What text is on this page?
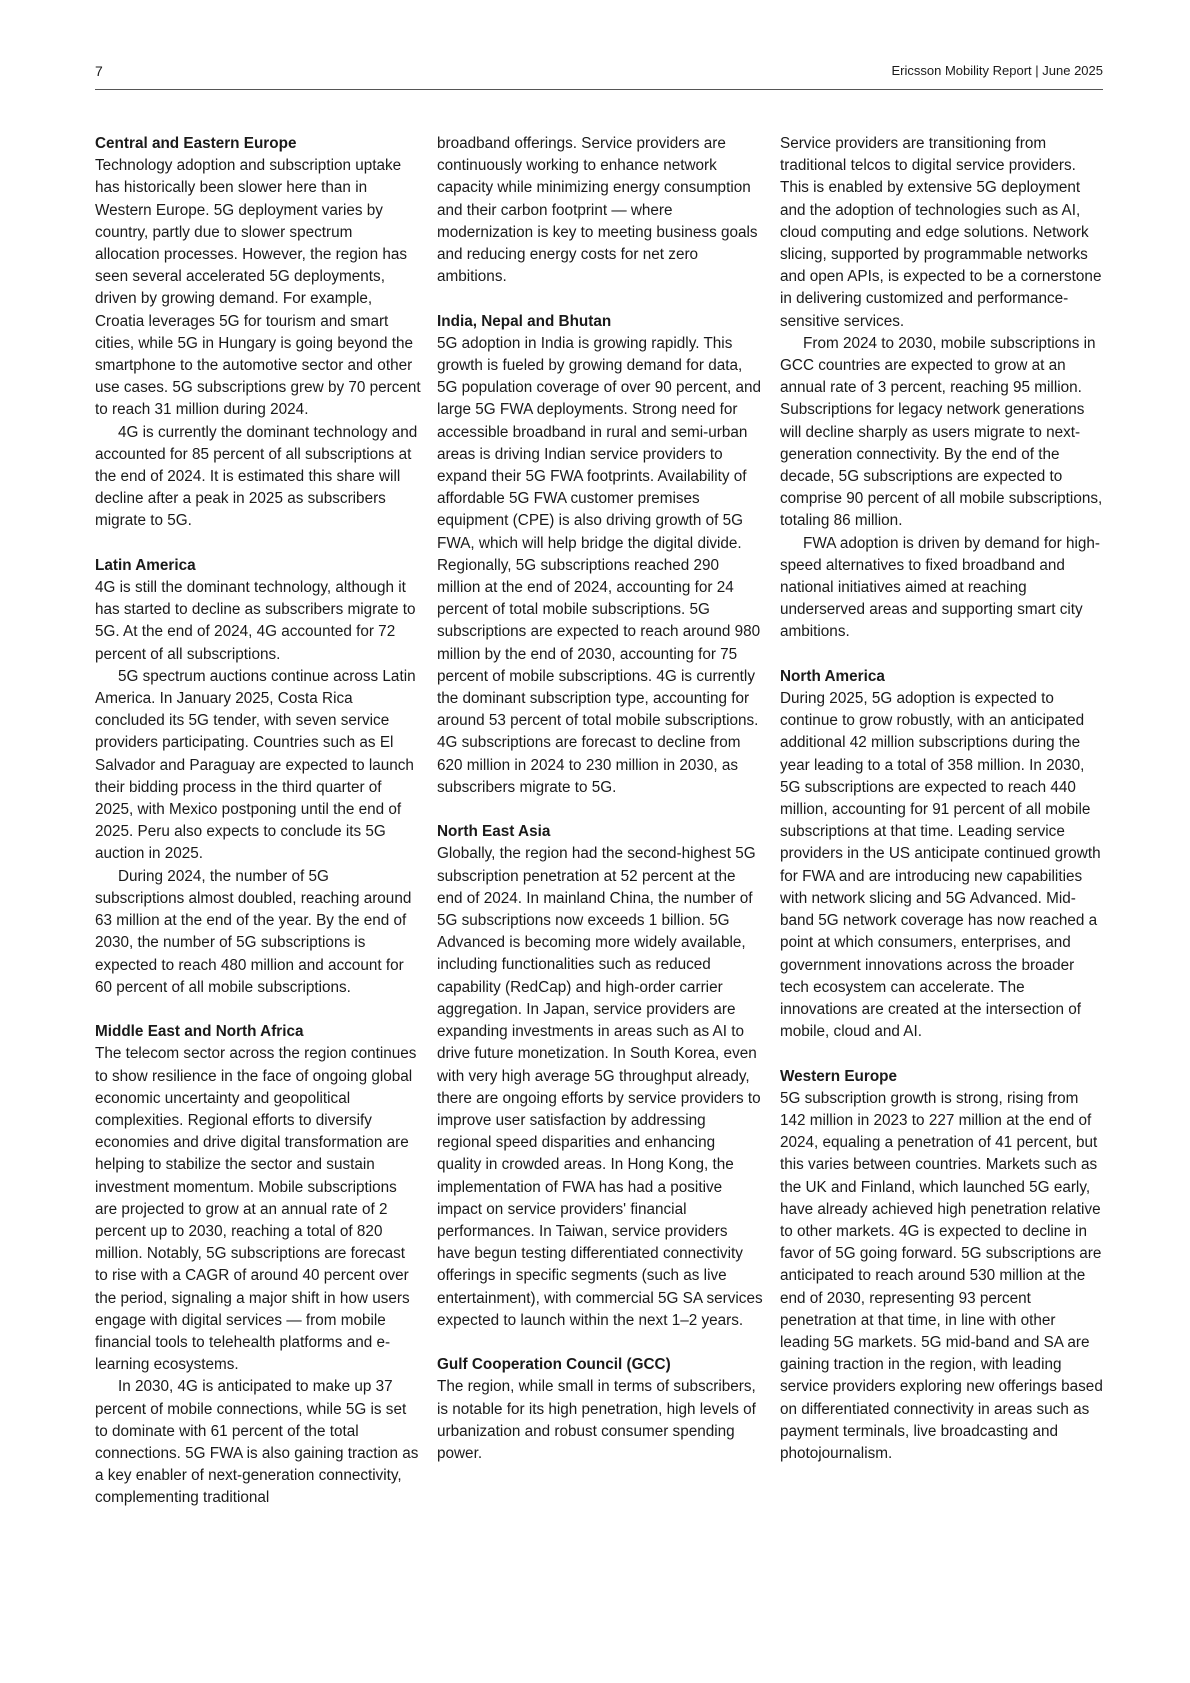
7	Ericsson Mobility Report | June 2025

Central and Eastern Europe

Technology adoption and subscription uptake has historically been slower here than in Western Europe. 5G deployment varies by country, partly due to slower spectrum allocation processes. However, the region has seen several accelerated 5G deployments, driven by growing demand. For example, Croatia leverages 5G for tourism and smart cities, while 5G in Hungary is going beyond the smartphone to the automotive sector and other use cases. 5G subscriptions grew by 70 percent to reach 31 million during 2024.

4G is currently the dominant technology and accounted for 85 percent of all subscriptions at the end of 2024. It is estimated this share will decline after a peak in 2025 as subscribers migrate to 5G.

Latin America

4G is still the dominant technology, although it has started to decline as subscribers migrate to 5G. At the end of 2024, 4G accounted for 72 percent of all subscriptions.

5G spectrum auctions continue across Latin America. In January 2025, Costa Rica concluded its 5G tender, with seven service providers participating. Countries such as El Salvador and Paraguay are expected to launch their bidding process in the third quarter of 2025, with Mexico postponing until the end of 2025. Peru also expects to conclude its 5G auction in 2025.

During 2024, the number of 5G subscriptions almost doubled, reaching around 63 million at the end of the year. By the end of 2030, the number of 5G subscriptions is expected to reach 480 million and account for 60 percent of all mobile subscriptions.

Middle East and North Africa

The telecom sector across the region continues to show resilience in the face of ongoing global economic uncertainty and geopolitical complexities. Regional efforts to diversify economies and drive digital transformation are helping to stabilize the sector and sustain investment momentum. Mobile subscriptions are projected to grow at an annual rate of 2 percent up to 2030, reaching a total of 820 million. Notably, 5G subscriptions are forecast to rise with a CAGR of around 40 percent over the period, signaling a major shift in how users engage with digital services — from mobile financial tools to telehealth platforms and e-learning ecosystems.

In 2030, 4G is anticipated to make up 37 percent of mobile connections, while 5G is set to dominate with 61 percent of the total connections. 5G FWA is also gaining traction as a key enabler of next-generation connectivity, complementing traditional

broadband offerings. Service providers are continuously working to enhance network capacity while minimizing energy consumption and their carbon footprint — where modernization is key to meeting business goals and reducing energy costs for net zero ambitions.

India, Nepal and Bhutan

5G adoption in India is growing rapidly. This growth is fueled by growing demand for data, 5G population coverage of over 90 percent, and large 5G FWA deployments. Strong need for accessible broadband in rural and semi-urban areas is driving Indian service providers to expand their 5G FWA footprints. Availability of affordable 5G FWA customer premises equipment (CPE) is also driving growth of 5G FWA, which will help bridge the digital divide. Regionally, 5G subscriptions reached 290 million at the end of 2024, accounting for 24 percent of total mobile subscriptions. 5G subscriptions are expected to reach around 980 million by the end of 2030, accounting for 75 percent of mobile subscriptions. 4G is currently the dominant subscription type, accounting for around 53 percent of total mobile subscriptions. 4G subscriptions are forecast to decline from 620 million in 2024 to 230 million in 2030, as subscribers migrate to 5G.

North East Asia

Globally, the region had the second-highest 5G subscription penetration at 52 percent at the end of 2024. In mainland China, the number of 5G subscriptions now exceeds 1 billion. 5G Advanced is becoming more widely available, including functionalities such as reduced capability (RedCap) and high-order carrier aggregation. In Japan, service providers are expanding investments in areas such as AI to drive future monetization. In South Korea, even with very high average 5G throughput already, there are ongoing efforts by service providers to improve user satisfaction by addressing regional speed disparities and enhancing quality in crowded areas. In Hong Kong, the implementation of FWA has had a positive impact on service providers' financial performances. In Taiwan, service providers have begun testing differentiated connectivity offerings in specific segments (such as live entertainment), with commercial 5G SA services expected to launch within the next 1–2 years.

Gulf Cooperation Council (GCC)

The region, while small in terms of subscribers, is notable for its high penetration, high levels of urbanization and robust consumer spending power.

Service providers are transitioning from traditional telcos to digital service providers. This is enabled by extensive 5G deployment and the adoption of technologies such as AI, cloud computing and edge solutions. Network slicing, supported by programmable networks and open APIs, is expected to be a cornerstone in delivering customized and performance-sensitive services.

From 2024 to 2030, mobile subscriptions in GCC countries are expected to grow at an annual rate of 3 percent, reaching 95 million. Subscriptions for legacy network generations will decline sharply as users migrate to next-generation connectivity. By the end of the decade, 5G subscriptions are expected to comprise 90 percent of all mobile subscriptions, totaling 86 million.

FWA adoption is driven by demand for high-speed alternatives to fixed broadband and national initiatives aimed at reaching underserved areas and supporting smart city ambitions.

North America

During 2025, 5G adoption is expected to continue to grow robustly, with an anticipated additional 42 million subscriptions during the year leading to a total of 358 million. In 2030, 5G subscriptions are expected to reach 440 million, accounting for 91 percent of all mobile subscriptions at that time. Leading service providers in the US anticipate continued growth for FWA and are introducing new capabilities with network slicing and 5G Advanced. Mid-band 5G network coverage has now reached a point at which consumers, enterprises, and government innovations across the broader tech ecosystem can accelerate. The innovations are created at the intersection of mobile, cloud and AI.

Western Europe

5G subscription growth is strong, rising from 142 million in 2023 to 227 million at the end of 2024, equaling a penetration of 41 percent, but this varies between countries. Markets such as the UK and Finland, which launched 5G early, have already achieved high penetration relative to other markets. 4G is expected to decline in favor of 5G going forward. 5G subscriptions are anticipated to reach around 530 million at the end of 2030, representing 93 percent penetration at that time, in line with other leading 5G markets. 5G mid-band and SA are gaining traction in the region, with leading service providers exploring new offerings based on differentiated connectivity in areas such as payment terminals, live broadcasting and photojournalism.
